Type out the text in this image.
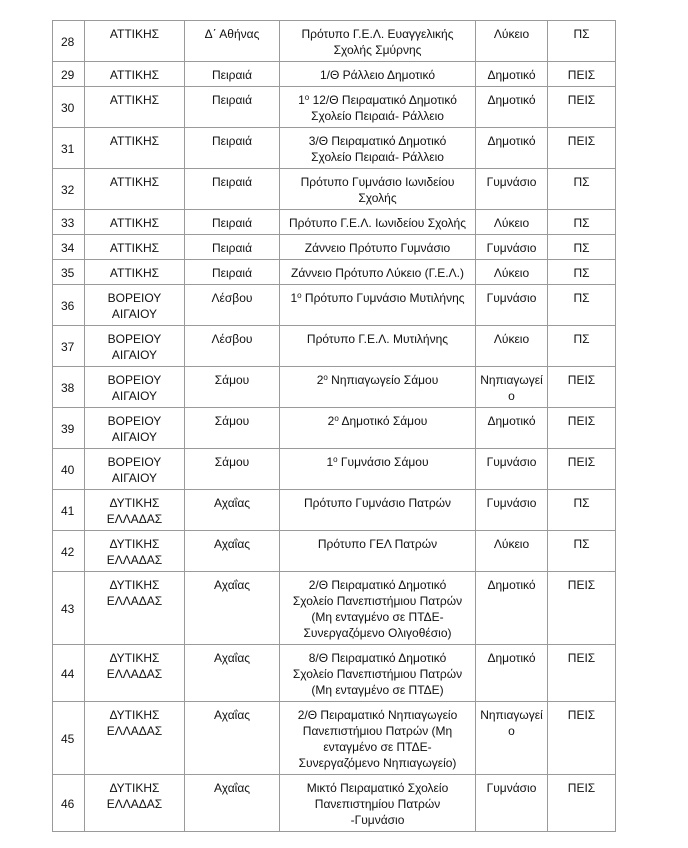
28	ΑΤΤΙΚΗΣ	Δ΄ Αθήνας	Πρότυπο Γ.Ε.Λ. Ευαγγελικής
Σχολής Σμύρνης	Λύκειο	ΠΣ
29	ΑΤΤΙΚΗΣ	Πειραιά	1/Θ Ράλλειο Δημοτικό	Δημοτικό	ΠΕΙΣ
30	ΑΤΤΙΚΗΣ	Πειραιά	$1^o$ 12/Θ Πειραματικό Δημοτικό
Σχολείο Πειραιά- Ράλλειο	Δημοτικό	ΠΕΙΣ
31	ΑΤΤΙΚΗΣ	Πειραιά	3/Θ Πειραματικό Δημοτικό
Σχολείο Πειραιά- Ράλλειο	Δημοτικό	ΠΕΙΣ
32	ΑΤΤΙΚΗΣ	Πειραιά	Πρότυπο Γυμνάσιο Ιωνιδείου
Σχολής	Γυμνάσιο	ΠΣ
33	ΑΤΤΙΚΗΣ	Πειραιά	Πρότυπο Γ.Ε.Λ. Ιωνιδείου Σχολής	Λύκειο	ΠΣ
34	ΑΤΤΙΚΗΣ	Πειραιά	Ζάννειο Πρότυπο Γυμνάσιο	Γυμνάσιο	ΠΣ
35	ΑΤΤΙΚΗΣ	Πειραιά	Ζάννειο Πρότυπο Λύκειο (Γ.Ε.Λ.)	Λύκειο	ΠΣ
36	ΒΟΡΕΙΟΥ ΑΙΓΑΙΟΥ	Λέσβου	$1^o$ Πρότυπο Γυμνάσιο Μυτιλήνης	Γυμνάσιο	ΠΣ
37	ΒΟΡΕΙΟΥ ΑΙΓΑΙΟΥ	Λέσβου	Πρότυπο Γ.Ε.Λ. Μυτιλήνης	Λύκειο	ΠΣ
38	ΒΟΡΕΙΟΥ ΑΙΓΑΙΟΥ	Σάμου	$2^o$ Νηπιαγωγείο Σάμου	Νηπιαγωγεί
ο	ΠΕΙΣ
39	ΒΟΡΕΙΟΥ ΑΙΓΑΙΟΥ	Σάμου	$2^o$ Δημοτικό Σάμου	Δημοτικό	ΠΕΙΣ
40	ΒΟΡΕΙΟΥ ΑΙΓΑΙΟΥ	Σάμου	$1^o$ Γυμνάσιο Σάμου	Γυμνάσιο	ΠΕΙΣ
41	ΔΥΤΙΚΗΣ ΕΛΛΑΔΑΣ	Αχαΐας	Πρότυπο Γυμνάσιο Πατρών	Γυμνάσιο	ΠΣ
42	ΔΥΤΙΚΗΣ ΕΛΛΑΔΑΣ	Αχαΐας	Πρότυπο ΓΕΛ Πατρών	Λύκειο	ΠΣ
43	ΔΥΤΙΚΗΣ ΕΛΛΑΔΑΣ	Αχαΐας	2/Θ Πειραματικό Δημοτικό
Σχολείο Πανεπιστήμιου Πατρών
(Μη ενταγμένο σε ΠΤΔΕ-
Συνεργαζόμενο Ολιγοθέσιο)	Δημοτικό	ΠΕΙΣ
44	ΔΥΤΙΚΗΣ ΕΛΛΑΔΑΣ	Αχαΐας	8/Θ Πειραματικό Δημοτικό
Σχολείο Πανεπιστήμιου Πατρών
(Μη ενταγμένο σε ΠΤΔΕ)	Δημοτικό	ΠΕΙΣ
45	ΔΥΤΙΚΗΣ ΕΛΛΑΔΑΣ	Αχαΐας	2/Θ Πειραματικό Νηπιαγωγείο
Πανεπιστήμιου Πατρών (Μη
ενταγμένο σε ΠΤΔΕ-
Συνεργαζόμενο Νηπιαγωγείο)	Νηπιαγωγεί
ο	ΠΕΙΣ
46	ΔΥΤΙΚΗΣ ΕΛΛΑΔΑΣ	Αχαΐας	Μικτό Πειραματικό Σχολείο
Πανεπιστημίου Πατρών
-Γυμνάσιο	Γυμνάσιο	ΠΕΙΣ
